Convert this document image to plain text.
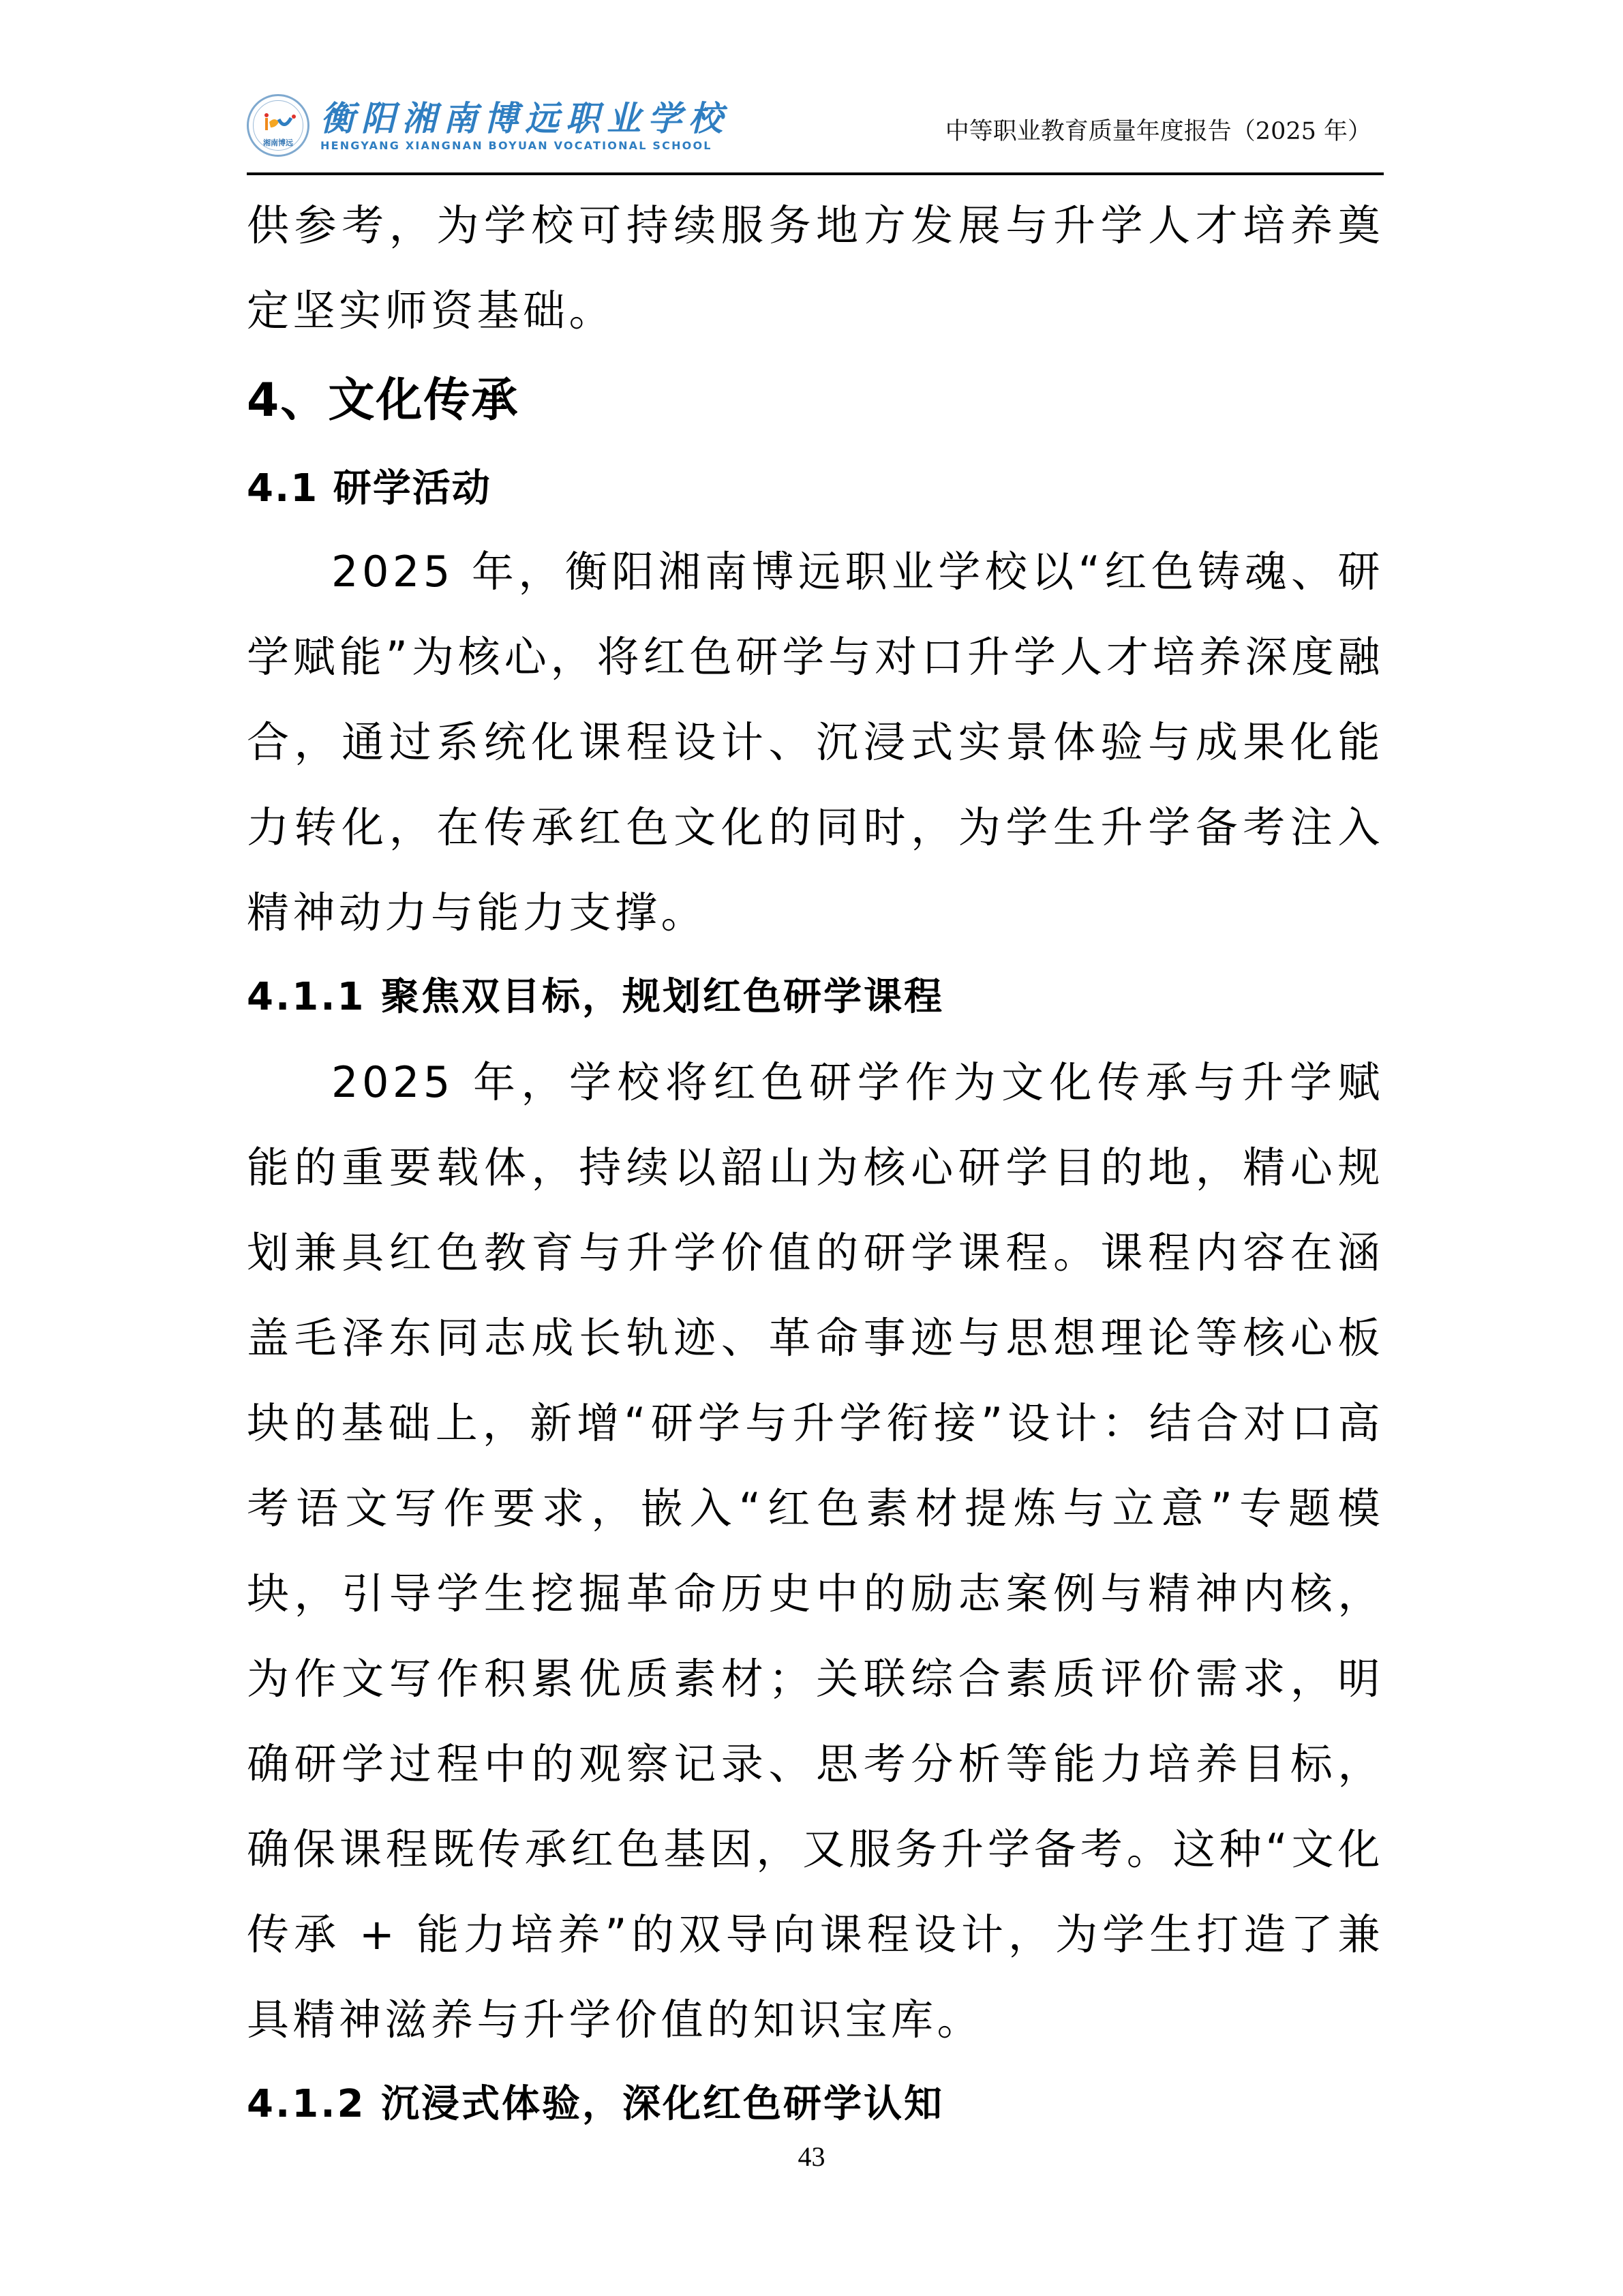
湘南博远
衡阳湘南博远职业学校
HENGYANG XIANGNAN BOYUAN VOCATIONAL SCHOOL	中等职业教育质量年度报告（2025 年）

供参考，为学校可持续服务地方发展与升学人才培养奠定坚实师资基础。

4、文化传承
4.1 研学活动

2025 年，衡阳湘南博远职业学校以“红色铸魂、研学赋能”为核心，将红色研学与对口升学人才培养深度融合，通过系统化课程设计、沉浸式实景体验与成果化能力转化，在传承红色文化的同时，为学生升学备考注入精神动力与能力支撑。

4.1.1 聚焦双目标，规划红色研学课程

2025 年，学校将红色研学作为文化传承与升学赋能的重要载体，持续以韶山为核心研学目的地，精心规划兼具红色教育与升学价值的研学课程。课程内容在涵盖毛泽东同志成长轨迹、革命事迹与思想理论等核心板块的基础上，新增“研学与升学衔接”设计：结合对口高考语文写作要求，嵌入“红色素材提炼与立意”专题模块，引导学生挖掘革命历史中的励志案例与精神内核，为作文写作积累优质素材；关联综合素质评价需求，明确研学过程中的观察记录、思考分析等能力培养目标，确保课程既传承红色基因，又服务升学备考。这种“文化传承 + 能力培养”的双导向课程设计，为学生打造了兼具精神滋养与升学价值的知识宝库。

4.1.2 沉浸式体验，深化红色研学认知
43
